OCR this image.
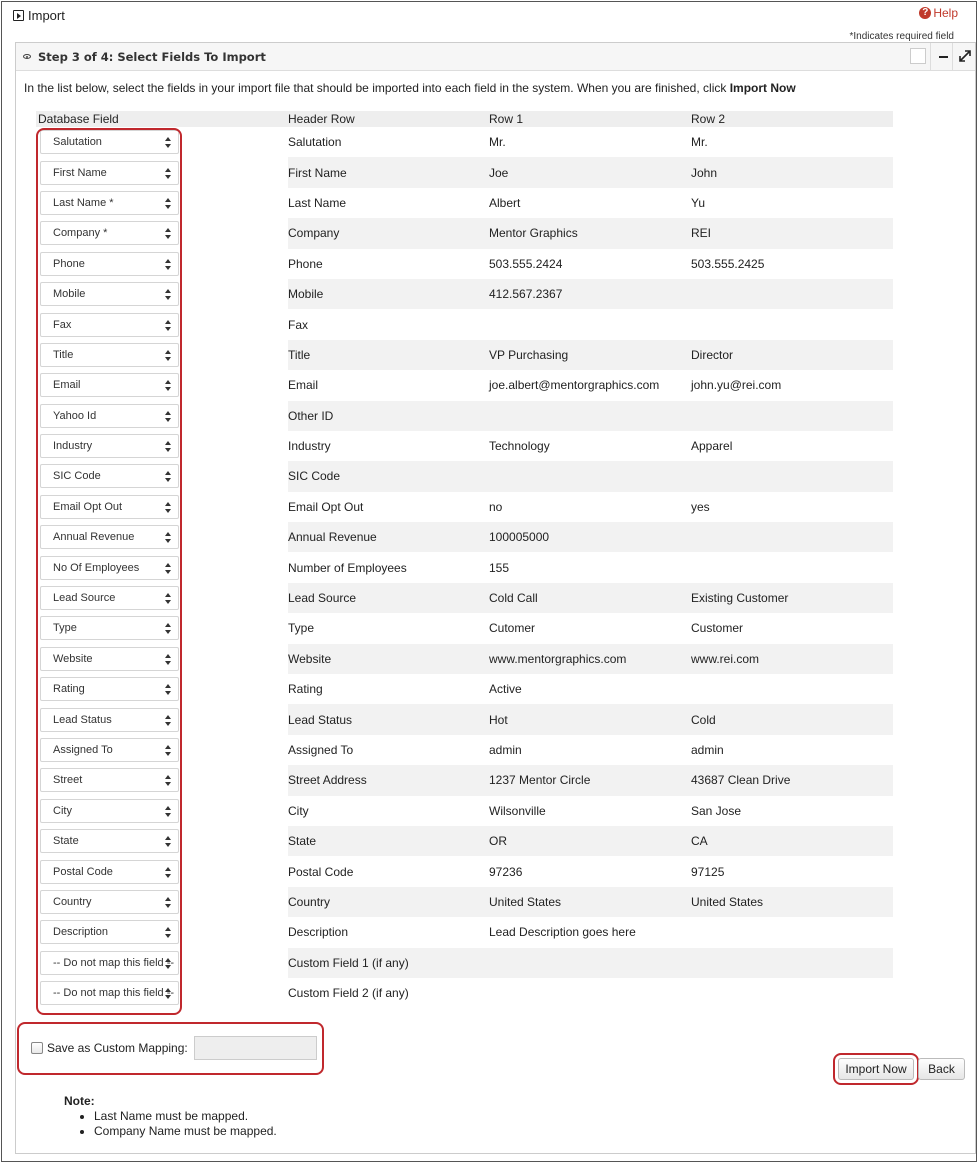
Import	? Help
*Indicates required field
Step 3 of 4: Select Fields To Import
In the list below, select the fields in your import file that should be imported into each field in the system. When you are finished, click Import Now
Database Field	Header Row	Row 1	Row 2

Salutation	Salutation	Mr.	Mr.

First Name	First Name	Joe	John

Last Name *	Last Name	Albert	Yu

Company *	Company	Mentor Graphics	REI

Phone	Phone	503.555.2424	503.555.2425

Mobile	Mobile	412.567.2367	

Fax	Fax		

Title	Title	VP Purchasing	Director

Email	Email	joe.albert@mentorgraphics.com	john.yu@rei.com

Yahoo Id	Other ID		

Industry	Industry	Technology	Apparel

SIC Code	SIC Code		

Email Opt Out	Email Opt Out	no	yes

Annual Revenue	Annual Revenue	100005000	

No Of Employees	Number of Employees	155	

Lead Source	Lead Source	Cold Call	Existing Customer

Type	Type	Cutomer	Customer

Website	Website	www.mentorgraphics.com	www.rei.com

Rating	Rating	Active	

Lead Status	Lead Status	Hot	Cold

Assigned To	Assigned To	admin	admin

Street	Street Address	1237 Mentor Circle	43687 Clean Drive

City	City	Wilsonville	San Jose

State	State	OR	CA

Postal Code	Postal Code	97236	97125

Country	Country	United States	United States

Description	Description	Lead Description goes here	

-- Do not map this field --	Custom Field 1 (if any)		

-- Do not map this field --	Custom Field 2 (if any)		
Save as Custom Mapping:
Import Now	Back
Note:
• Last Name must be mapped.
• Company Name must be mapped.
